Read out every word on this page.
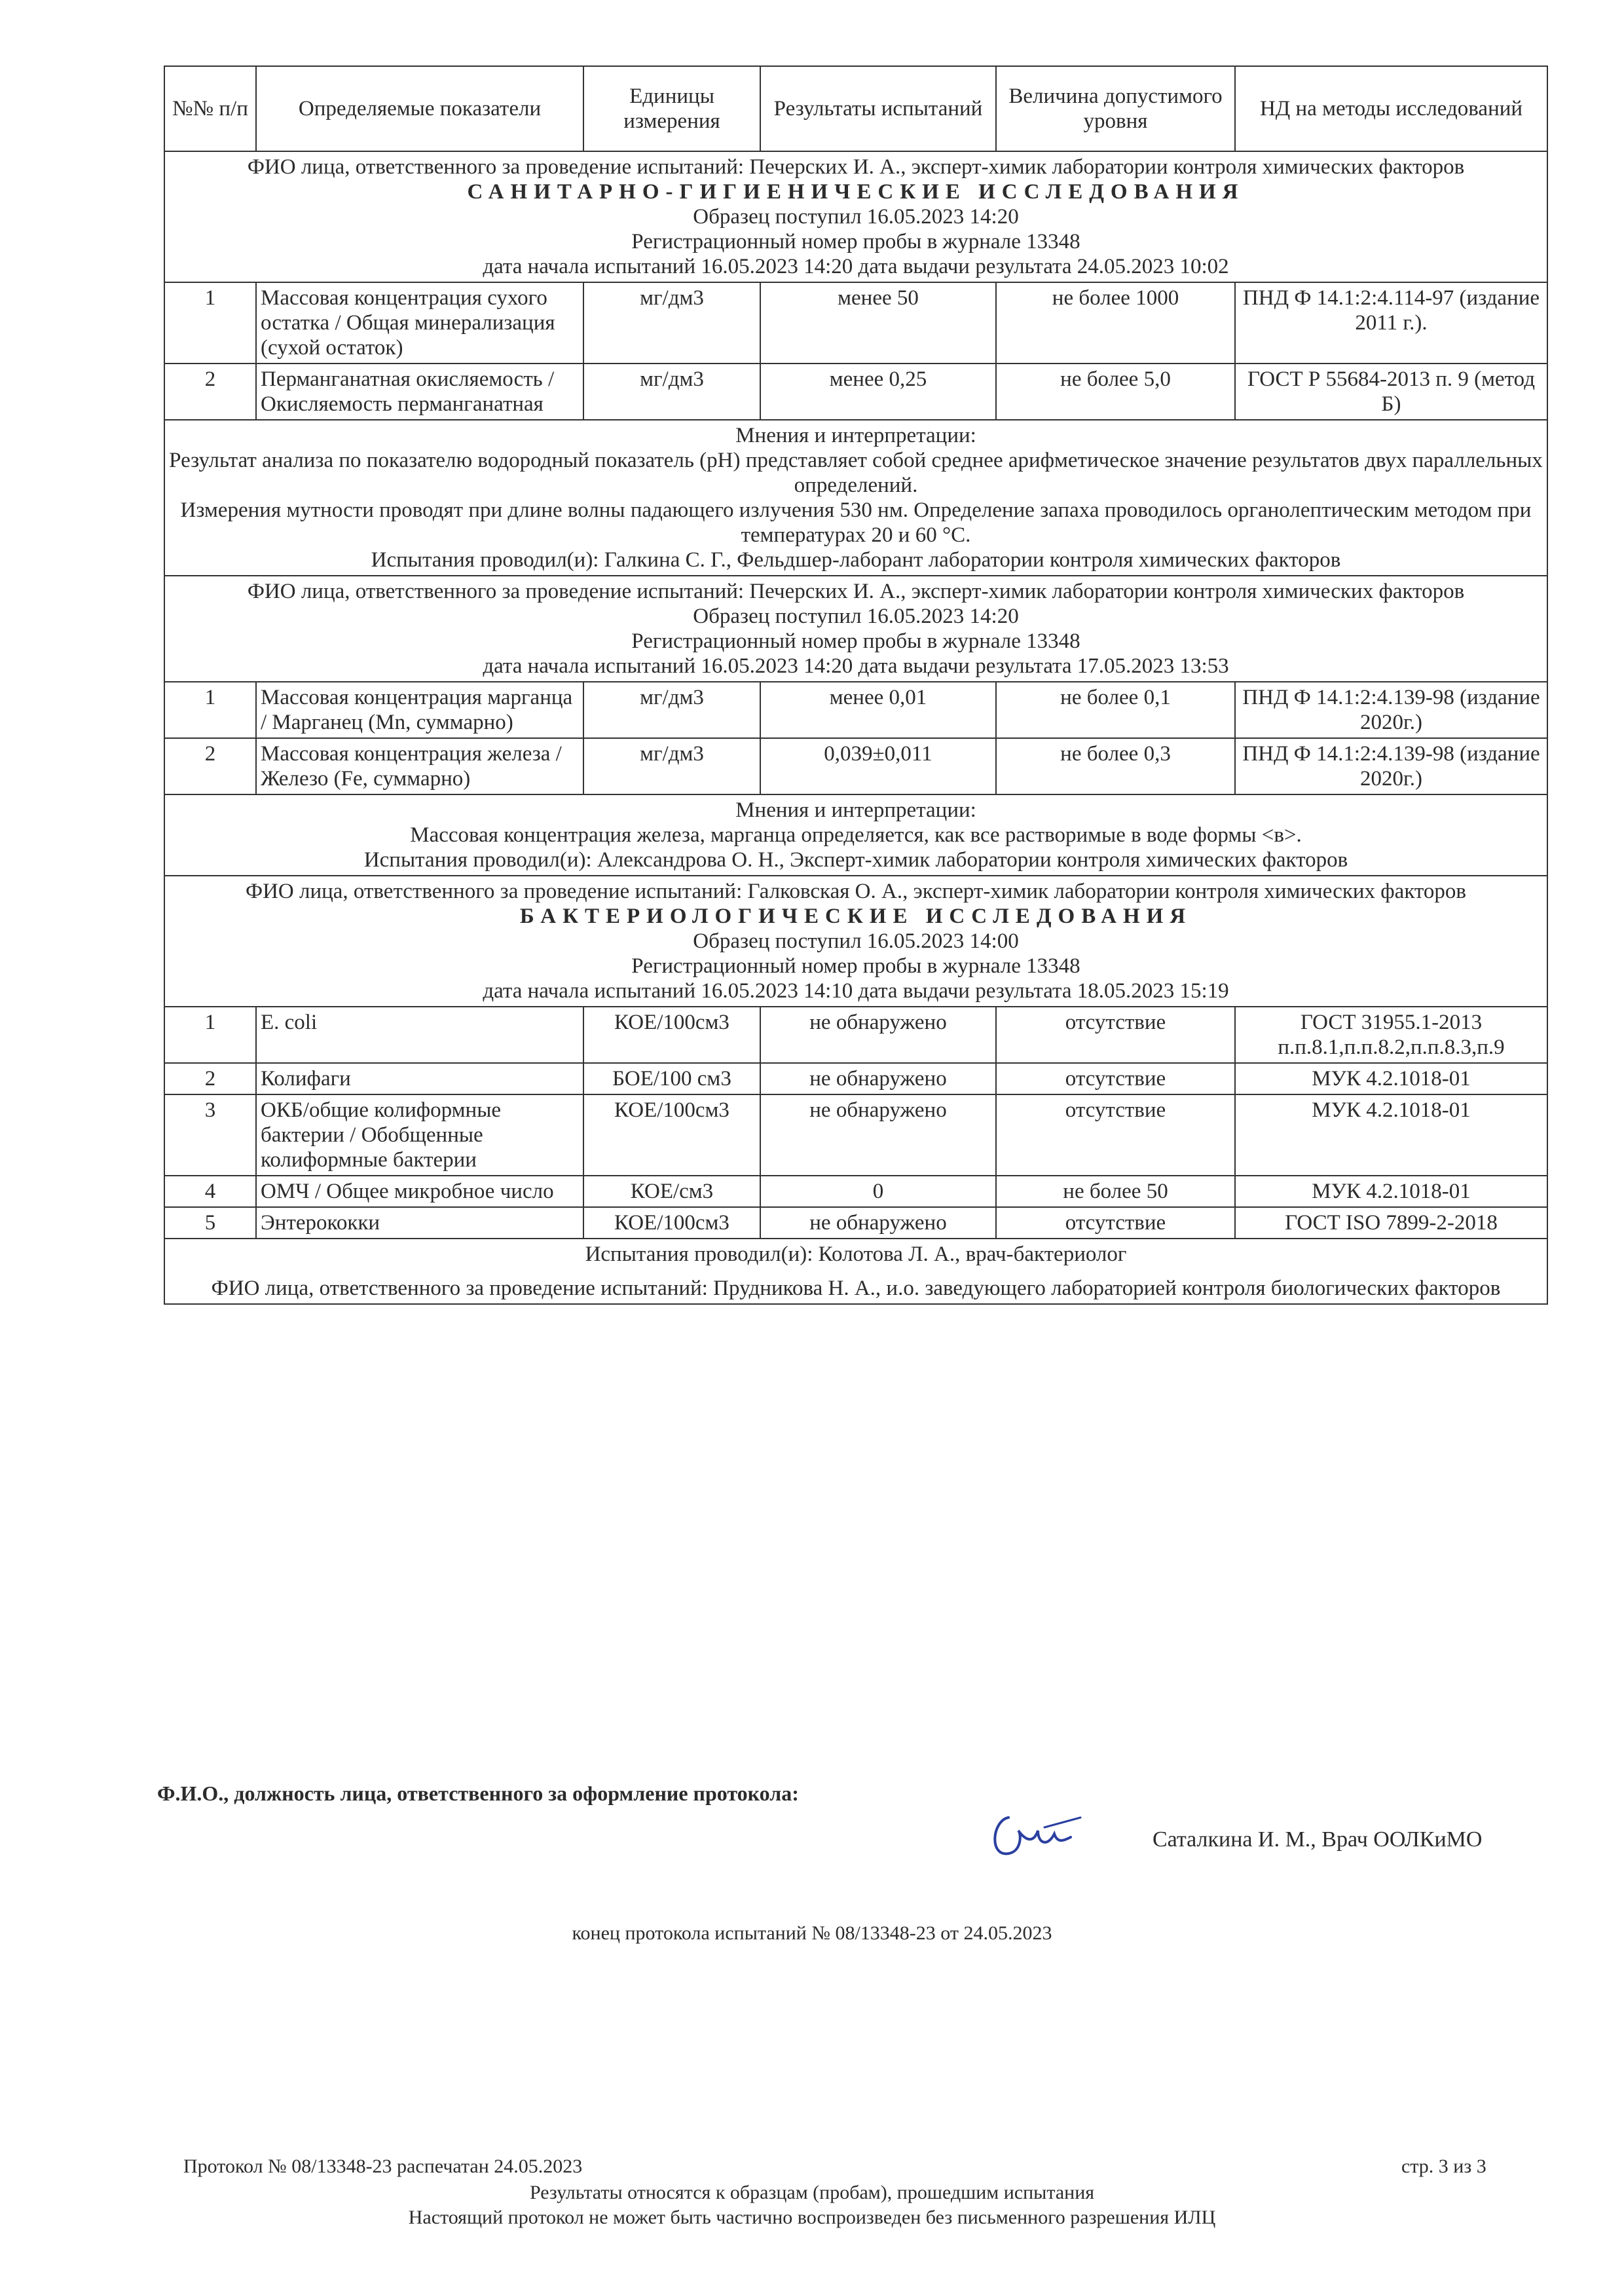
№№ п/п	Определяемые показатели	Единицы измерения	Результаты испытаний	Величина допустимого уровня	НД на методы исследований

ФИО лица, ответственного за проведение испытаний: Печерских И. А., эксперт-химик лаборатории контроля химических факторов
САНИТАРНО-ГИГИЕНИЧЕСКИЕ ИССЛЕДОВАНИЯ
Образец поступил 16.05.2023 14:20
Регистрационный номер пробы в журнале 13348
дата начала испытаний 16.05.2023 14:20 дата выдачи результата 24.05.2023 10:02					

1	Массовая концентрация сухого остатка / Общая минерализация (сухой остаток)	мг/дм3	менее 50	не более 1000	ПНД Ф 14.1:2:4.114-97 (издание 2011 г.).
2	Перманганатная окисляемость / Окисляемость перманганатная	мг/дм3	менее 0,25	не более 5,0	ГОСТ Р 55684-2013 п. 9 (метод Б)

Мнения и интерпретации:
Результат анализа по показателю водородный показатель (pH) представляет собой среднее арифметическое значение результатов двух параллельных определений.
Измерения мутности проводят при длине волны падающего излучения 530 нм. Определение запаха проводилось органолептическим методом при температурах 20 и 60 °С.
Испытания проводил(и): Галкина С. Г., Фельдшер-лаборант лаборатории контроля химических факторов					

ФИО лица, ответственного за проведение испытаний: Печерских И. А., эксперт-химик лаборатории контроля химических факторов
Образец поступил 16.05.2023 14:20
Регистрационный номер пробы в журнале 13348
дата начала испытаний 16.05.2023 14:20 дата выдачи результата 17.05.2023 13:53					

1	Массовая концентрация марганца / Марганец (Mn, суммарно)	мг/дм3	менее 0,01	не более 0,1	ПНД Ф 14.1:2:4.139-98 (издание 2020г.)
2	Массовая концентрация железа / Железо (Fe, суммарно)	мг/дм3	0,039±0,011	не более 0,3	ПНД Ф 14.1:2:4.139-98 (издание 2020г.)

Мнения и интерпретации:
Массовая концентрация железа, марганца определяется, как все растворимые в воде формы <в>.
Испытания проводил(и): Александрова О. Н., Эксперт-химик лаборатории контроля химических факторов					

ФИО лица, ответственного за проведение испытаний: Галковская О. А., эксперт-химик лаборатории контроля химических факторов
БАКТЕРИОЛОГИЧЕСКИЕ ИССЛЕДОВАНИЯ
Образец поступил 16.05.2023 14:00
Регистрационный номер пробы в журнале 13348
дата начала испытаний 16.05.2023 14:10 дата выдачи результата 18.05.2023 15:19					

1	E. coli	КОЕ/100см3	не обнаружено	отсутствие	ГОСТ 31955.1-2013 п.п.8.1,п.п.8.2,п.п.8.3,п.9
2	Колифаги	БОЕ/100 см3	не обнаружено	отсутствие	МУК 4.2.1018-01
3	ОКБ/общие колиформные бактерии / Обобщенные колиформные бактерии	КОЕ/100см3	не обнаружено	отсутствие	МУК 4.2.1018-01
4	ОМЧ / Общее микробное число	КОЕ/см3	0	не более 50	МУК 4.2.1018-01
5	Энтерококки	КОЕ/100см3	не обнаружено	отсутствие	ГОСТ ISO 7899-2-2018

Испытания проводил(и): Колотова Л. А., врач-бактериолог
ФИО лица, ответственного за проведение испытаний: Прудникова Н. А., и.о. заведующего лабораторией контроля биологических факторов					
Ф.И.О., должность лица, ответственного за оформление протокола:
Саталкина И. М., Врач ООЛКиМО
конец протокола испытаний № 08/13348-23 от 24.05.2023
Протокол № 08/13348-23 распечатан 24.05.2023	стр. 3 из 3
Результаты относятся к образцам (пробам), прошедшим испытания
Настоящий протокол не может быть частично воспроизведен без письменного разрешения ИЛЦ
